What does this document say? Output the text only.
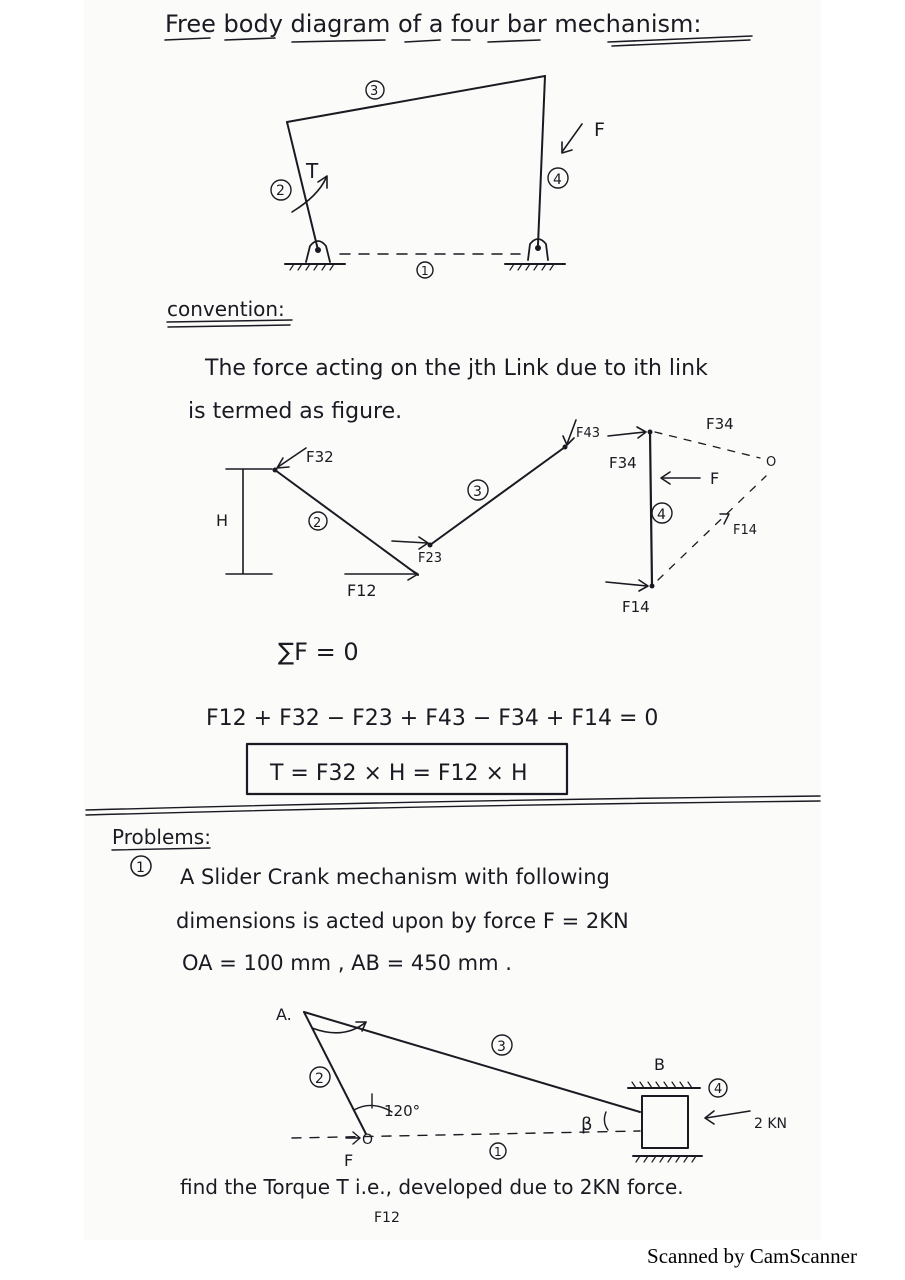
Free body diagram of a four bar mechanism:
3
2
4
1
T
F
convention:
The force acting on the jth Link due to ith link
is termed as figure.
F32
H	2
F12
F23
3
F43
F34
F34	O
F
4
F14
F14
∑F = 0
F12 + F32 − F23 + F43 − F34 + F14 = 0
T = F32 × H = F12 × H
Problems:
1 A Slider Crank mechanism with following
dimensions is acted upon by force F = 2KN
OA = 100 mm , AB = 450 mm .
A.
3
2
B
4
120°
β	2 KN
O
1
F
find the Torque T i.e., developed due to 2KN force.
F12
Scanned by CamScanner
